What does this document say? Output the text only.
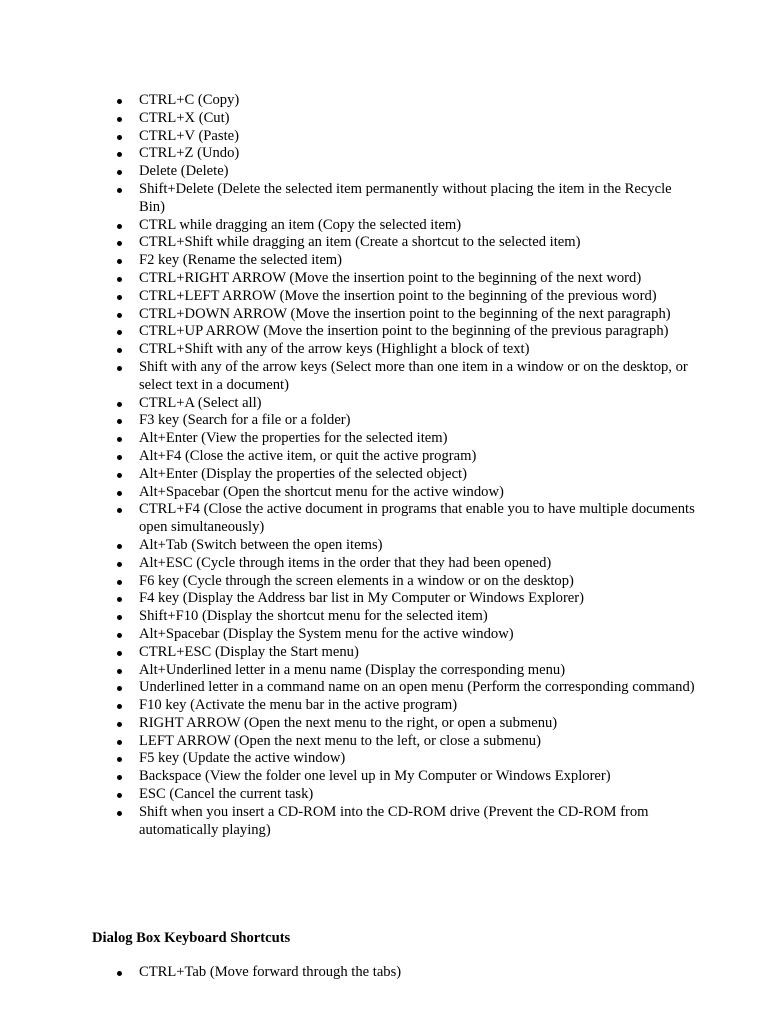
CTRL+C (Copy)
CTRL+X (Cut)
CTRL+V (Paste)
CTRL+Z (Undo)
Delete (Delete)
Shift+Delete (Delete the selected item permanently without placing the item in the Recycle Bin)
CTRL while dragging an item (Copy the selected item)
CTRL+Shift while dragging an item (Create a shortcut to the selected item)
F2 key (Rename the selected item)
CTRL+RIGHT ARROW (Move the insertion point to the beginning of the next word)
CTRL+LEFT ARROW (Move the insertion point to the beginning of the previous word)
CTRL+DOWN ARROW (Move the insertion point to the beginning of the next paragraph)
CTRL+UP ARROW (Move the insertion point to the beginning of the previous paragraph)
CTRL+Shift with any of the arrow keys (Highlight a block of text)
Shift with any of the arrow keys (Select more than one item in a window or on the desktop, or select text in a document)
CTRL+A (Select all)
F3 key (Search for a file or a folder)
Alt+Enter (View the properties for the selected item)
Alt+F4 (Close the active item, or quit the active program)
Alt+Enter (Display the properties of the selected object)
Alt+Spacebar (Open the shortcut menu for the active window)
CTRL+F4 (Close the active document in programs that enable you to have multiple documents open simultaneously)
Alt+Tab (Switch between the open items)
Alt+ESC (Cycle through items in the order that they had been opened)
F6 key (Cycle through the screen elements in a window or on the desktop)
F4 key (Display the Address bar list in My Computer or Windows Explorer)
Shift+F10 (Display the shortcut menu for the selected item)
Alt+Spacebar (Display the System menu for the active window)
CTRL+ESC (Display the Start menu)
Alt+Underlined letter in a menu name (Display the corresponding menu)
Underlined letter in a command name on an open menu (Perform the corresponding command)
F10 key (Activate the menu bar in the active program)
RIGHT ARROW (Open the next menu to the right, or open a submenu)
LEFT ARROW (Open the next menu to the left, or close a submenu)
F5 key (Update the active window)
Backspace (View the folder one level up in My Computer or Windows Explorer)
ESC (Cancel the current task)
Shift when you insert a CD-ROM into the CD-ROM drive (Prevent the CD-ROM from automatically playing)
Dialog Box Keyboard Shortcuts
CTRL+Tab (Move forward through the tabs)
